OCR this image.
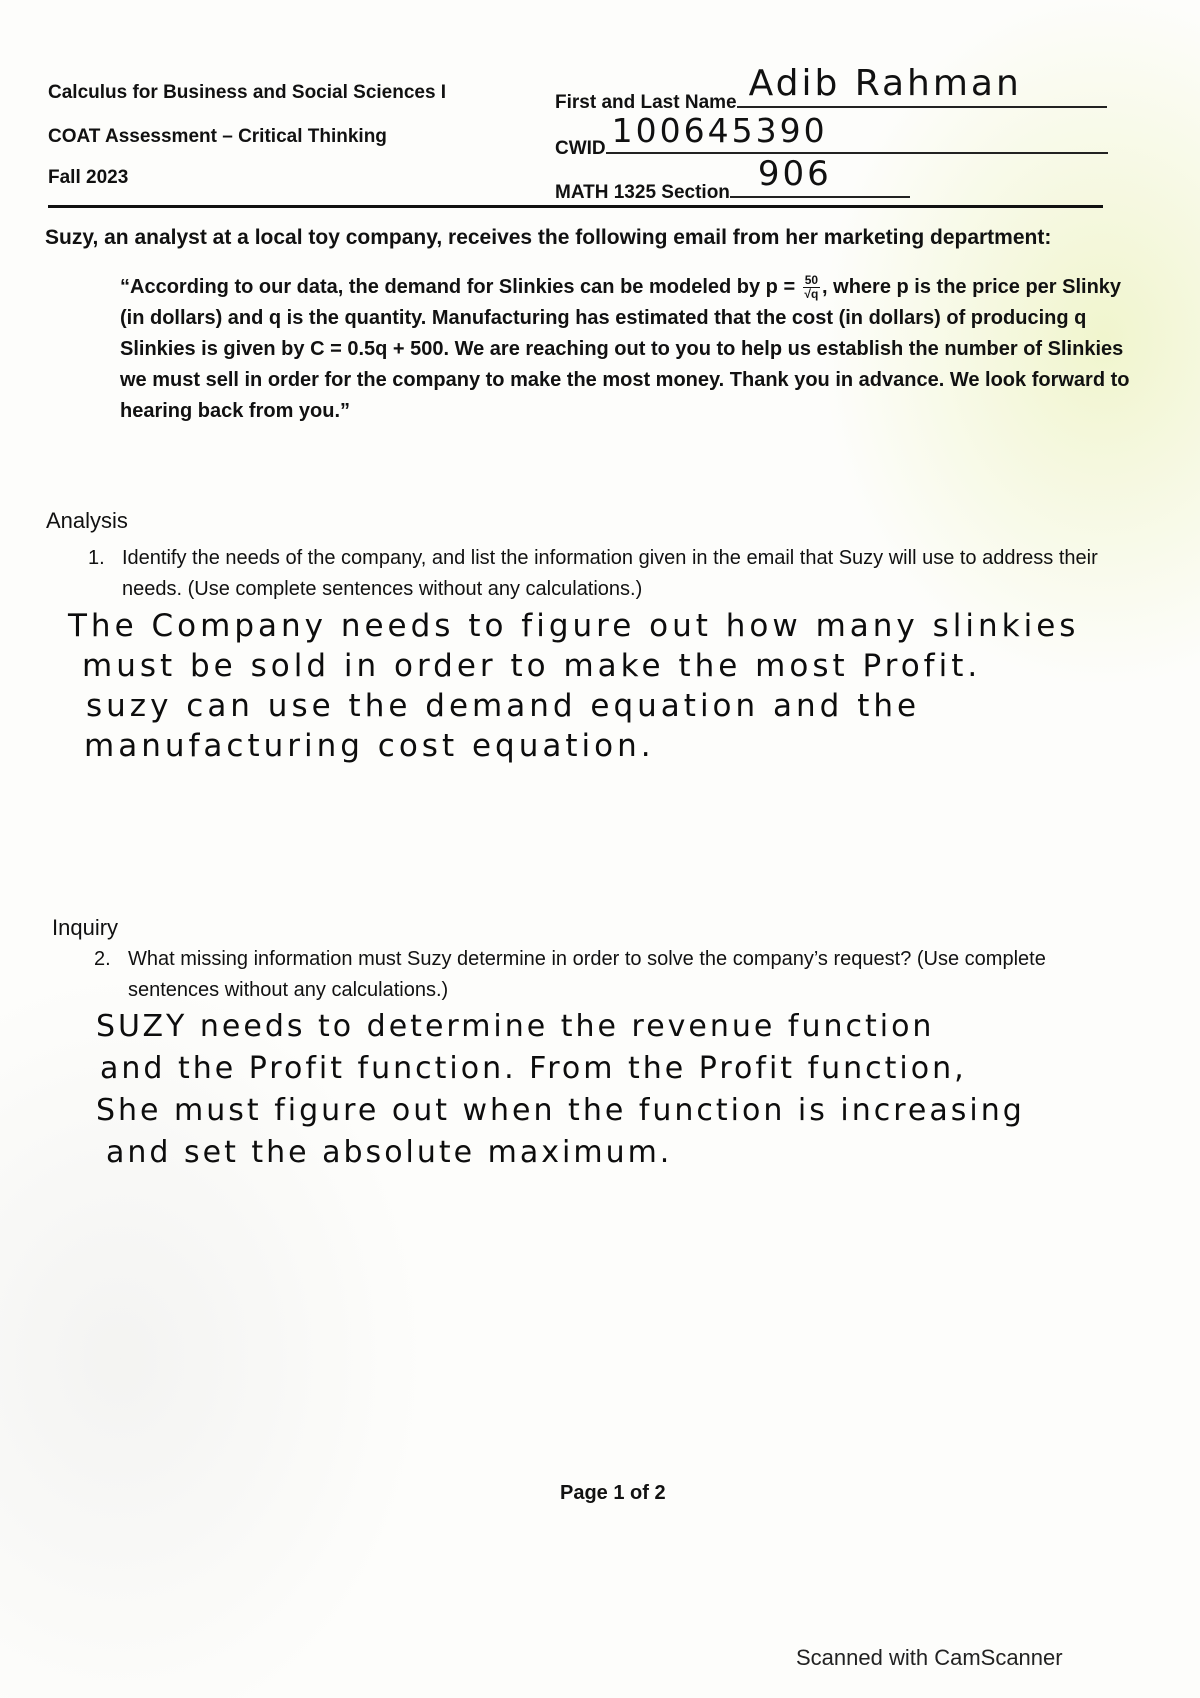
Calculus for Business and Social Sciences I
COAT Assessment – Critical Thinking
Fall 2023
First and Last Name Adib Rahman
CWID 100645390
MATH 1325 Section 906
Suzy, an analyst at a local toy company, receives the following email from her marketing department:
“According to our data, the demand for Slinkies can be modeled by $p = \frac{50}{√q}$ , where p is the price per Slinky (in dollars) and q is the quantity. Manufacturing has estimated that the cost (in dollars) of producing q Slinkies is given by C = 0.5q + 500. We are reaching out to you to help us establish the number of Slinkies we must sell in order for the company to make the most money. Thank you in advance. We look forward to hearing back from you.”
Analysis
1. Identify the needs of the company, and list the information given in the email that Suzy will use to address their needs. (Use complete sentences without any calculations.)
The Company needs to figure out how many slinkies
must be sold in order to make the most Profit.
suzy can use the demand equation and the
manufacturing cost equation.
Inquiry
2. What missing information must Suzy determine in order to solve the company’s request? (Use complete sentences without any calculations.)
SUZY needs to determine the revenue function
and the Profit function. From the Profit function,
She must figure out when the function is increasing
and set the absolute maximum.
Page 1 of 2
Scanned with CamScanner
